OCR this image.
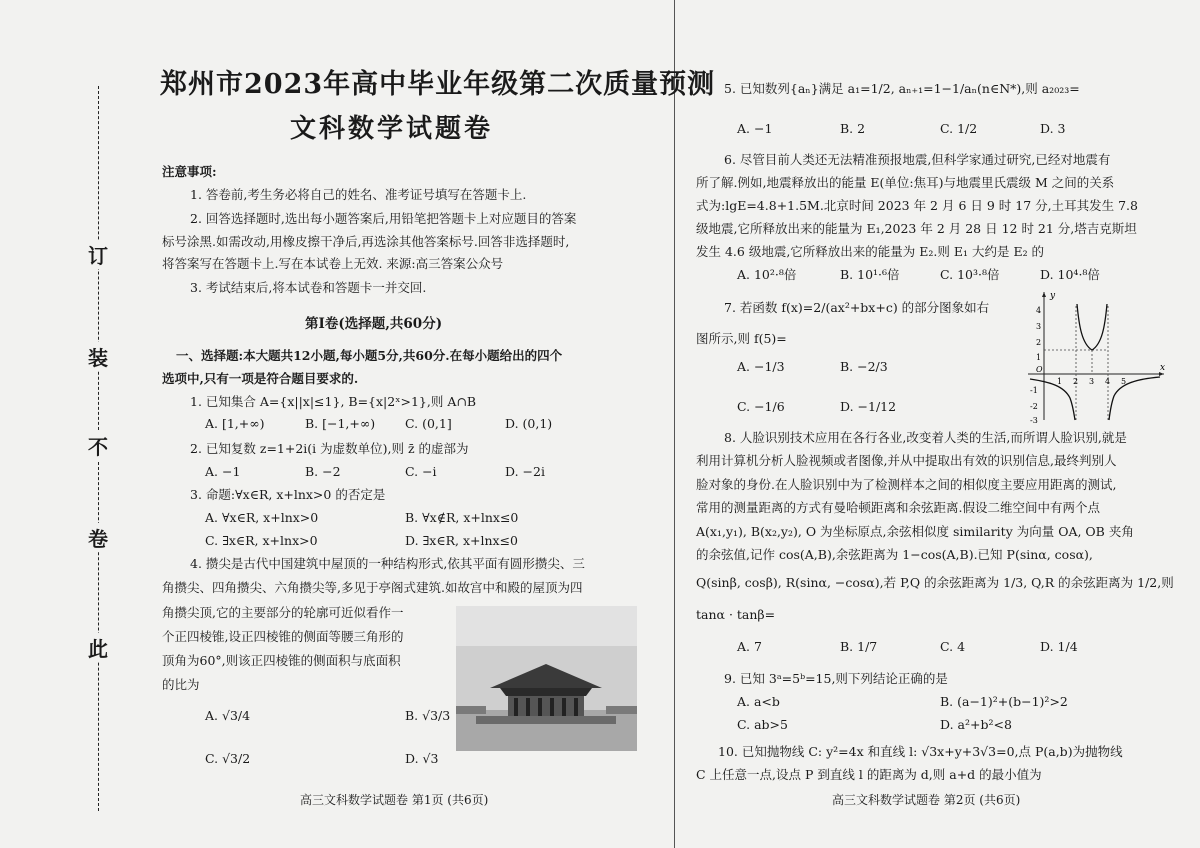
此
卷
不
装
订
郑州市2023年高中毕业年级第二次质量预测
文科数学试题卷
注意事项:
1. 答卷前,考生务必将自己的姓名、准考证号填写在答题卡上.
2. 回答选择题时,选出每小题答案后,用铅笔把答题卡上对应题目的答案
标号涂黑.如需改动,用橡皮擦干净后,再选涂其他答案标号.回答非选择题时,
将答案写在答题卡上.写在本试卷上无效. 来源:高三答案公众号
3. 考试结束后,将本试卷和答题卡一并交回.
第Ⅰ卷(选择题,共60分)
一、选择题:本大题共12小题,每小题5分,共60分.在每小题给出的四个
选项中,只有一项是符合题目要求的.
1. 已知集合 A={x||x|≤1}, B={x|2ˣ>1},则 A∩B
A. [1,+∞)	B. [−1,+∞) C. (0,1]	D. (0,1)
2. 已知复数 z=1+2i(i 为虚数单位),则 z̄ 的虚部为
A. −1	B. −2	C. −i	D. −2i
3. 命题:∀x∈R, x+lnx>0 的否定是
A. ∀x∈R, x+lnx>0	B. ∀x∉R, x+lnx≤0
C. ∃x∈R, x+lnx>0	D. ∃x∈R, x+lnx≤0
4. 攒尖是古代中国建筑中屋顶的一种结构形式,依其平面有圆形攒尖、三
角攒尖、四角攒尖、六角攒尖等,多见于亭阁式建筑.如故宫中和殿的屋顶为四
角攒尖顶,它的主要部分的轮廓可近似看作一
个正四棱锥,设正四棱锥的侧面等腰三角形的
顶角为60°,则该正四棱锥的侧面积与底面积
的比为
A. √3/4	B. √3/3
C. √3/2	D. √3
高三文科数学试题卷 第1页 (共6页)
5. 已知数列{aₙ}满足 a₁=1/2, aₙ₊₁=1−1/aₙ(n∈N*),则 a₂₀₂₃=
A. −1	B. 2	C. 1/2	D. 3
6. 尽管目前人类还无法精准预报地震,但科学家通过研究,已经对地震有
所了解.例如,地震释放出的能量 E(单位:焦耳)与地震里氏震级 M 之间的关系
式为:lgE=4.8+1.5M.北京时间 2023 年 2 月 6 日 9 时 17 分,土耳其发生 7.8
级地震,它所释放出来的能量为 E₁,2023 年 2 月 28 日 12 时 21 分,塔吉克斯坦
发生 4.6 级地震,它所释放出来的能量为 E₂.则 E₁ 大约是 E₂ 的
A. 10²·⁸倍	B. 10¹·⁶倍	C. 10³·⁸倍	D. 10⁴·⁸倍
7. 若函数 f(x)=2/(ax²+bx+c) 的部分图象如右
图所示,则 f(5)=
A. −1/3	B. −2/3
C. −1/6	D. −1/12
y
x
O
1 2 3 4 5
4
3
2
1
-1
-2
-3
8. 人脸识别技术应用在各行各业,改变着人类的生活,而所谓人脸识别,就是
利用计算机分析人脸视频或者图像,并从中提取出有效的识别信息,最终判别人
脸对象的身份.在人脸识别中为了检测样本之间的相似度主要应用距离的测试,
常用的测量距离的方式有曼哈顿距离和余弦距离.假设二维空间中有两个点
A(x₁,y₁), B(x₂,y₂), O 为坐标原点,余弦相似度 similarity 为向量 OA, OB 夹角
的余弦值,记作 cos(A,B),余弦距离为 1−cos(A,B).已知 P(sinα, cosα),
Q(sinβ, cosβ), R(sinα, −cosα),若 P,Q 的余弦距离为 1/3, Q,R 的余弦距离为 1/2,则
tanα · tanβ=
A. 7	B. 1/7	C. 4	D. 1/4
9. 已知 3ᵃ=5ᵇ=15,则下列结论正确的是
A. a<b	B. (a−1)²+(b−1)²>2
C. ab>5	D. a²+b²<8
10. 已知抛物线 C: y²=4x 和直线 l: √3x+y+3√3=0,点 P(a,b)为抛物线
C 上任意一点,设点 P 到直线 l 的距离为 d,则 a+d 的最小值为
高三文科数学试题卷 第2页 (共6页)
